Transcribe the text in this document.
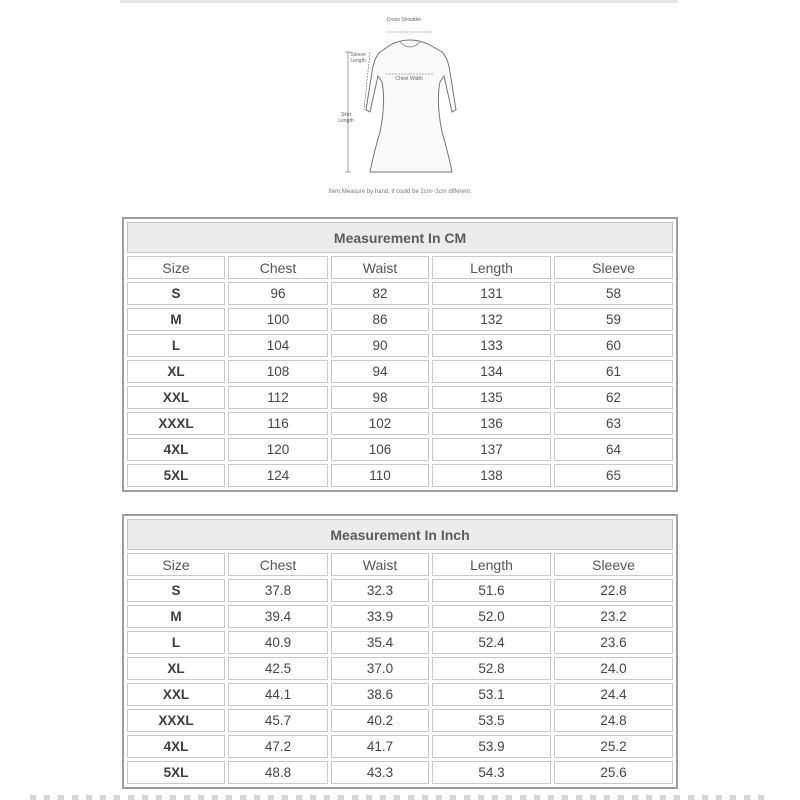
Cross Shoulder
Sleeve Length
Chest Width
Skirt Length
Item Measure by hand, it could be 2cm~3cm different.
Measurement In CM				
Size	Chest	Waist	Length	Sleeve
S	96	82	131	58
M	100	86	132	59
L	104	90	133	60
XL	108	94	134	61
XXL	112	98	135	62
XXXL	116	102	136	63
4XL	120	106	137	64
5XL	124	110	138	65
Measurement In Inch				
Size	Chest	Waist	Length	Sleeve
S	37.8	32.3	51.6	22.8
M	39.4	33.9	52.0	23.2
L	40.9	35.4	52.4	23.6
XL	42.5	37.0	52.8	24.0
XXL	44.1	38.6	53.1	24.4
XXXL	45.7	40.2	53.5	24.8
4XL	47.2	41.7	53.9	25.2
5XL	48.8	43.3	54.3	25.6
